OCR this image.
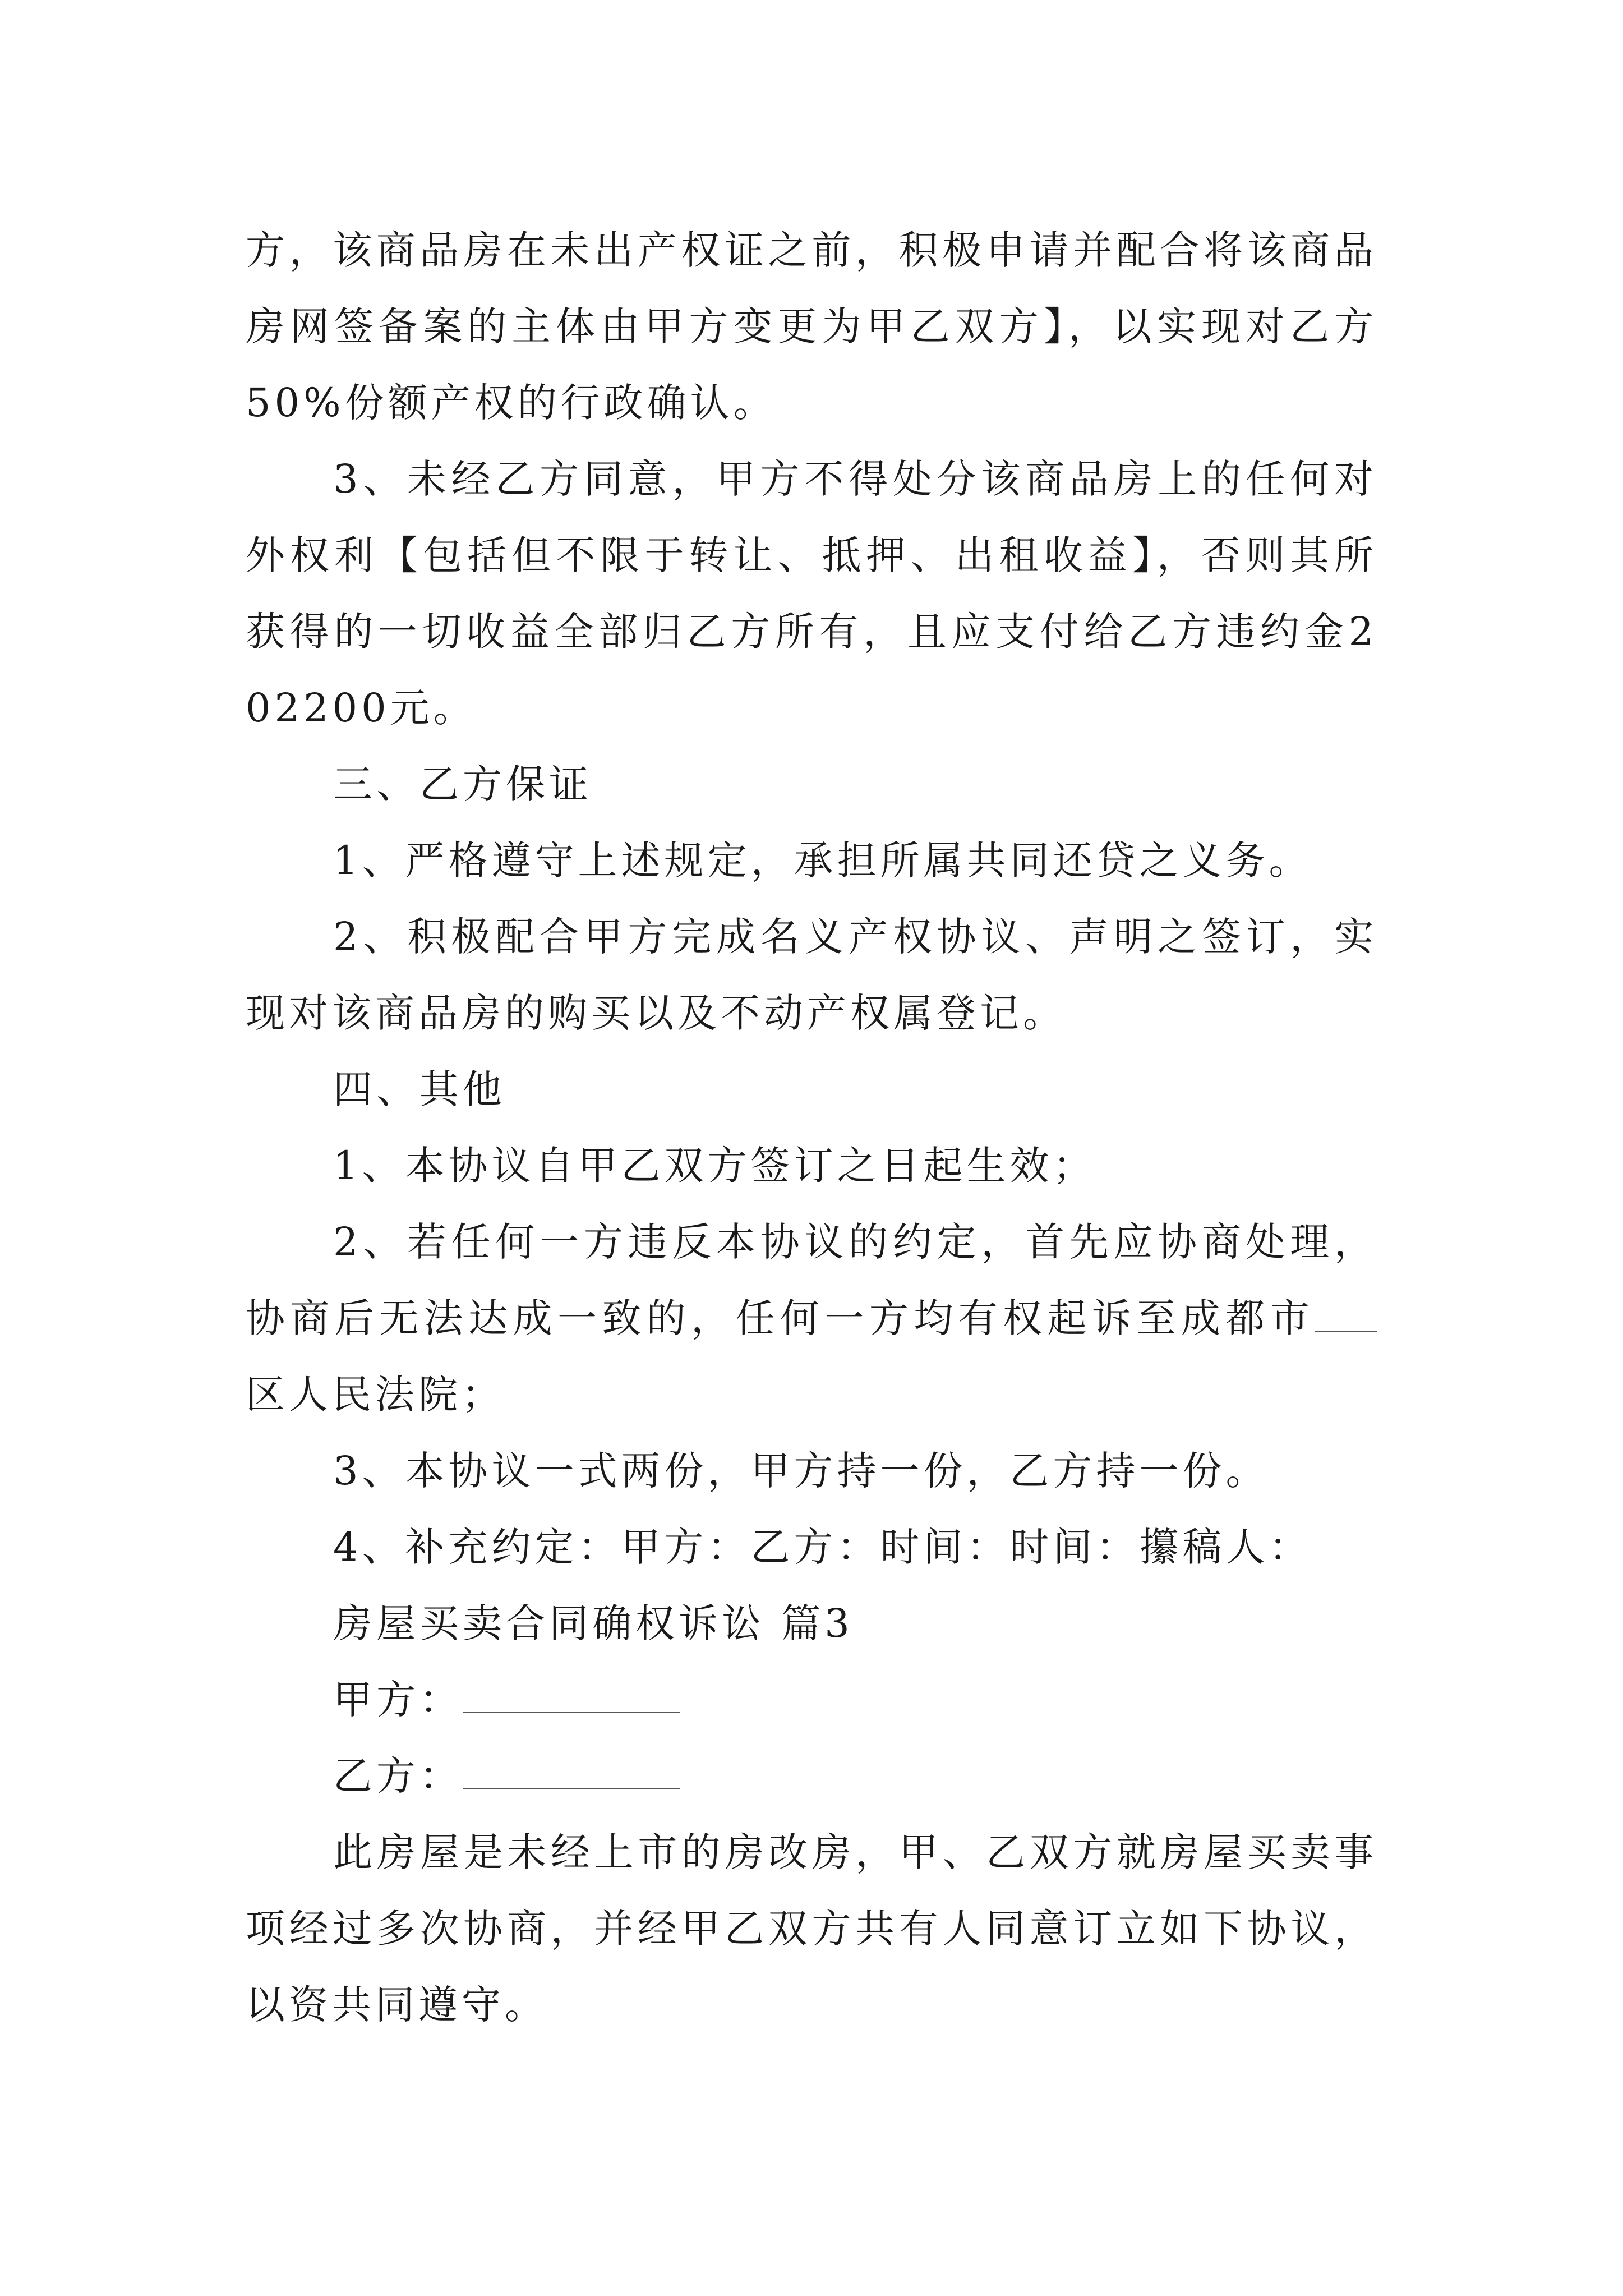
方，该商品房在未出产权证之前，积极申请并配合将该商品房网签备案的主体由甲方变更为甲乙双方】，以实现对乙方50%份额产权的行政确认。

3、未经乙方同意，甲方不得处分该商品房上的任何对外权利【包括但不限于转让、抵押、出租收益】，否则其所获得的一切收益全部归乙方所有，且应支付给乙方违约金202200元。

三、乙方保证

1、严格遵守上述规定，承担所属共同还贷之义务。

2、积极配合甲方完成名义产权协议、声明之签订，实现对该商品房的购买以及不动产权属登记。

四、其他

1、本协议自甲乙双方签订之日起生效；

2、若任何一方违反本协议的约定，首先应协商处理，协商后无法达成一致的，任何一方均有权起诉至成都市区人民法院；

3、本协议一式两份，甲方持一份，乙方持一份。

4、补充约定：甲方：乙方：时间：时间：攥稿人：

房屋买卖合同确权诉讼 篇3

甲方：

乙方：

此房屋是未经上市的房改房，甲、乙双方就房屋买卖事项经过多次协商，并经甲乙双方共有人同意订立如下协议，以资共同遵守。
